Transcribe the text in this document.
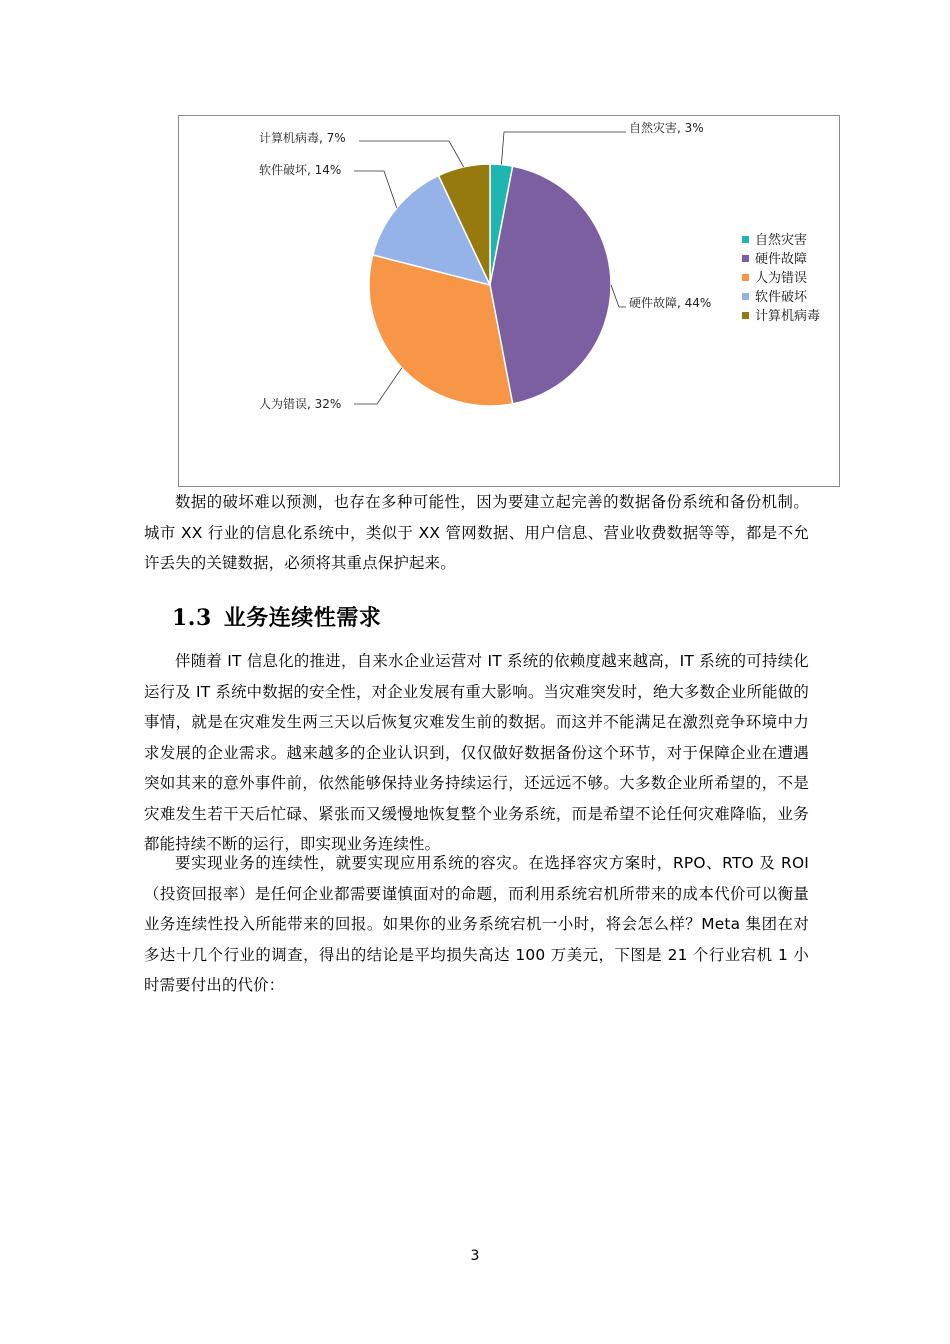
自然灾害, 3%
硬件故障, 44%
人为错误, 32%
软件破坏, 14%
计算机病毒, 7%
自然灾害
硬件故障
人为错误
软件破坏
计算机病毒

数据的破坏难以预测，也存在多种可能性，因为要建立起完善的数据备份系统和备份机制。城市 XX 行业的信息化系统中，类似于 XX 管网数据、用户信息、营业收费数据等等，都是不允许丢失的关键数据，必须将其重点保护起来。

1.3 业务连续性需求

伴随着 IT 信息化的推进，自来水企业运营对 IT 系统的依赖度越来越高，IT 系统的可持续化运行及 IT 系统中数据的安全性，对企业发展有重大影响。当灾难突发时，绝大多数企业所能做的事情，就是在灾难发生两三天以后恢复灾难发生前的数据。而这并不能满足在激烈竞争环境中力求发展的企业需求。越来越多的企业认识到，仅仅做好数据备份这个环节，对于保障企业在遭遇突如其来的意外事件前，依然能够保持业务持续运行，还远远不够。大多数企业所希望的，不是灾难发生若干天后忙碌、紧张而又缓慢地恢复整个业务系统，而是希望不论任何灾难降临，业务都能持续不断的运行，即实现业务连续性。

要实现业务的连续性，就要实现应用系统的容灾。在选择容灾方案时，RPO、RTO 及 ROI（投资回报率）是任何企业都需要谨慎面对的命题，而利用系统宕机所带来的成本代价可以衡量业务连续性投入所能带来的回报。如果你的业务系统宕机一小时，将会怎么样？Meta 集团在对多达十几个行业的调查，得出的结论是平均损失高达 100 万美元，下图是 21 个行业宕机 1 小时需要付出的代价：

3
